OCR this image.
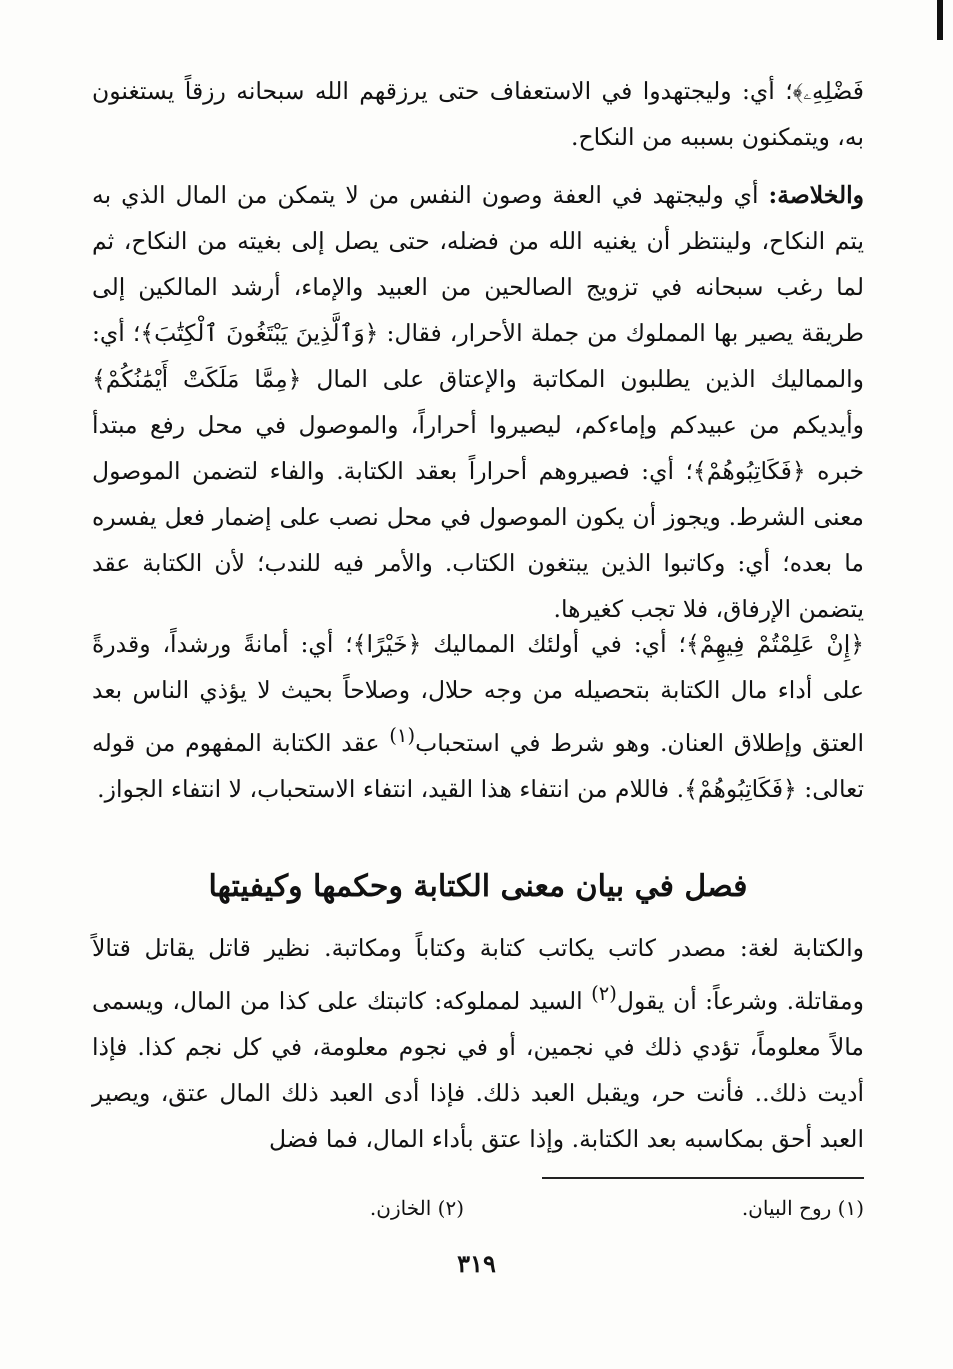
فَضْلِهِۦ﴾؛ أي: وليجتهدوا في الاستعفاف حتى يرزقهم الله سبحانه رزقاً يستغنون به، ويتمكنون بسببه من النكاح.

والخلاصة: أي وليجتهد في العفة وصون النفس من لا يتمكن من المال الذي به يتم النكاح، ولينتظر أن يغنيه الله من فضله، حتى يصل إلى بغيته من النكاح، ثم لما رغب سبحانه في تزويج الصالحين من العبيد والإماء، أرشد المالكين إلى طريقة يصير بها المملوك من جملة الأحرار، فقال: ﴿وَٱلَّذِينَ يَبْتَغُونَ ٱلْكِتَٰبَ﴾؛ أي: والمماليك الذين يطلبون المكاتبة والإعتاق على المال ﴿مِمَّا مَلَكَتْ أَيْمَٰنُكُمْ﴾ وأيديكم من عبيدكم وإماءكم، ليصيروا أحراراً، والموصول في محل رفع مبتدأ خبره ﴿فَكَاتِبُوهُمْ﴾؛ أي: فصيروهم أحراراً بعقد الكتابة. والفاء لتضمن الموصول معنى الشرط. ويجوز أن يكون الموصول في محل نصب على إضمار فعل يفسره ما بعده؛ أي: وكاتبوا الذين يبتغون الكتاب. والأمر فيه للندب؛ لأن الكتابة عقد يتضمن الإرفاق، فلا تجب كغيرها.

﴿إِنْ عَلِمْتُمْ فِيهِمْ﴾؛ أي: في أولئك المماليك ﴿خَيْرًا﴾؛ أي: أمانةً ورشداً، وقدرةً على أداء مال الكتابة بتحصيله من وجه حلال، وصلاحاً بحيث لا يؤذي الناس بعد العتق وإطلاق العنان. وهو شرط في استحباب$^{(١)}$ عقد الكتابة المفهوم من قوله تعالى: ﴿فَكَاتِبُوهُمْ﴾. فاللام من انتفاء هذا القيد، انتفاء الاستحباب، لا انتفاء الجواز.

فصل في بيان معنى الكتابة وحكمها وكيفيتها

والكتابة لغة: مصدر كاتب يكاتب كتابة وكتاباً ومكاتبة. نظير قاتل يقاتل قتالاً ومقاتلة. وشرعاً: أن يقول$^{(٢)}$ السيد لمملوكه: كاتبتك على كذا من المال، ويسمى مالاً معلوماً، تؤدي ذلك في نجمين، أو في نجوم معلومة، في كل نجم كذا. فإذا أديت ذلك.. فأنت حر، ويقبل العبد ذلك. فإذا أدى العبد ذلك المال عتق، ويصير العبد أحق بمكاسبه بعد الكتابة. وإذا عتق بأداء المال، فما فضل

(١) روح البيان.
(٢) الخازن.
٣١٩
